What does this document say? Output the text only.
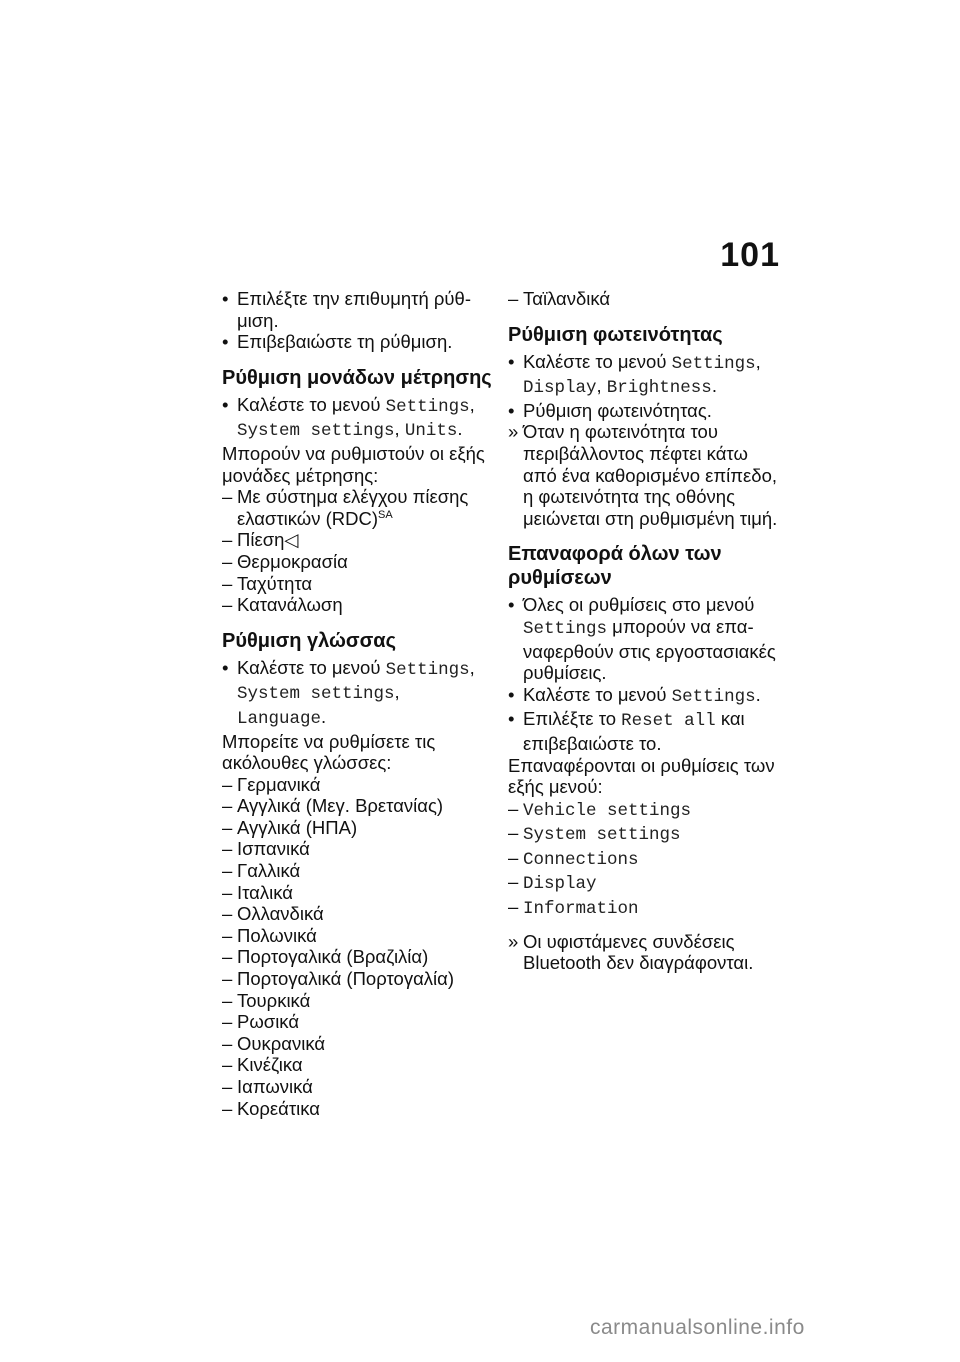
101
• Επιλέξτε την επιθυμητή ρύθ-
μιση.
• Επιβεβαιώστε τη ρύθμιση.
Ρύθμιση μονάδων μέτρησης
• Καλέστε το μενού Settings,
System settings, Units.
Μπορούν να ρυθμιστούν οι εξής
μονάδες μέτρησης:
– Με σύστημα ελέγχου πίεσης
ελαστικών (RDC)$^{SA}$
– Πίεση◁
– Θερμοκρασία
– Ταχύτητα
– Κατανάλωση
Ρύθμιση γλώσσας
• Καλέστε το μενού Settings,
System settings,
Language.
Μπορείτε να ρυθμίσετε τις
ακόλουθες γλώσσες:
– Γερμανικά
– Αγγλικά (Μεγ. Βρετανίας)
– Αγγλικά (ΗΠΑ)
– Ισπανικά
– Γαλλικά
– Ιταλικά
– Ολλανδικά
– Πολωνικά
– Πορτογαλικά (Βραζιλία)
– Πορτογαλικά (Πορτογαλία)
– Τουρκικά
– Ρωσικά
– Ουκρανικά
– Κινέζικα
– Ιαπωνικά
– Κορεάτικα
– Ταϊλανδικά
Ρύθμιση φωτεινότητας
• Καλέστε το μενού Settings,
Display, Brightness.
• Ρύθμιση φωτεινότητας.
» Όταν η φωτεινότητα του
περιβάλλοντος πέφτει κάτω
από ένα καθορισμένο επίπεδο,
η φωτεινότητα της οθόνης
μειώνεται στη ρυθμισμένη τιμή.
Επαναφορά όλων των
ρυθμίσεων
• Όλες οι ρυθμίσεις στο μενού
Settings μπορούν να επα-
ναφερθούν στις εργοστασιακές
ρυθμίσεις.
• Καλέστε το μενού Settings.
• Επιλέξτε το Reset all και
επιβεβαιώστε το.
Επαναφέρονται οι ρυθμίσεις των
εξής μενού:
– Vehicle settings
– System settings
– Connections
– Display
– Information
» Οι υφιστάμενες συνδέσεις
Bluetooth δεν διαγράφονται.
carmanualsonline.info
